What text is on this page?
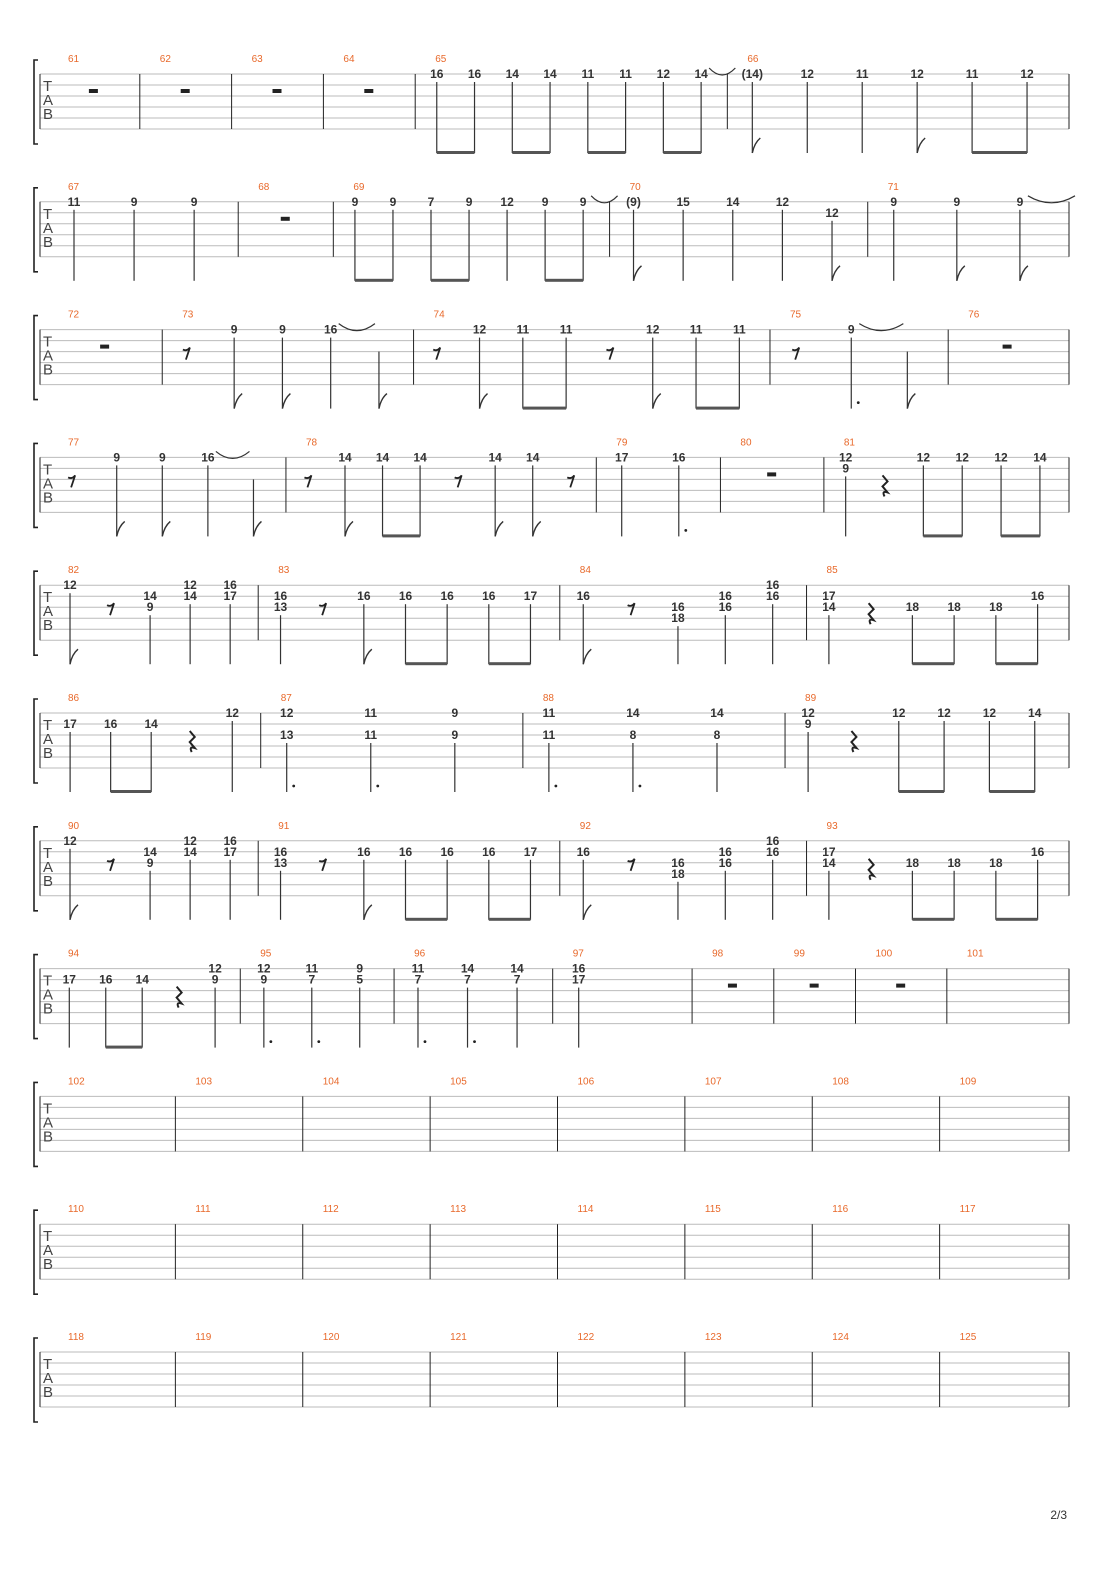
T
A
B
61	62	63	64	65
16 16 14 14 11 11 12 14
66
(14)	12	11	12	11	12
T
A
B
67
11	9	9
68	69
9	9	7	9 12 9	9
70
(9)	15	14	12
12
71
9	9	9
T
A
B
72	73
9	9	16
74
12	11	11	12	11	11
75
9
76
T
A
B
77
9	9	16
78
14 14 14	14 14
79
17	16
80	81
12
9
12 12 12 14
T
A
B
82
12
14
9
12
14
16
17
83
16
13
16 16 16 16 17
84
16
16
18
16
16
16
16
85
17
14	18 18 18
16
T
A
B
86
17 16 14
12
87
12
13
11
11
9
9
88
11
11
14
8
14
8
89
12
9
12	12	12	14
T
A
B
90
12
14
9
12
14
16
17
91
16
13
16 16 16 16 17
92
16
16
18
16
16
16
16
93
17
14	18 18 18
16
T
A
B
94
17 16 14
12
9
95
12
9
11
7
9
5
96
11
7
14
7
14
7
97
16
17
98	99	100	101
T
A
B
102	103	104	105	106	107	108	109
T
A
B
110	111	112	113	114	115	116	117
T
A
B
118	119	120	121	122	123	124	125
2/3
